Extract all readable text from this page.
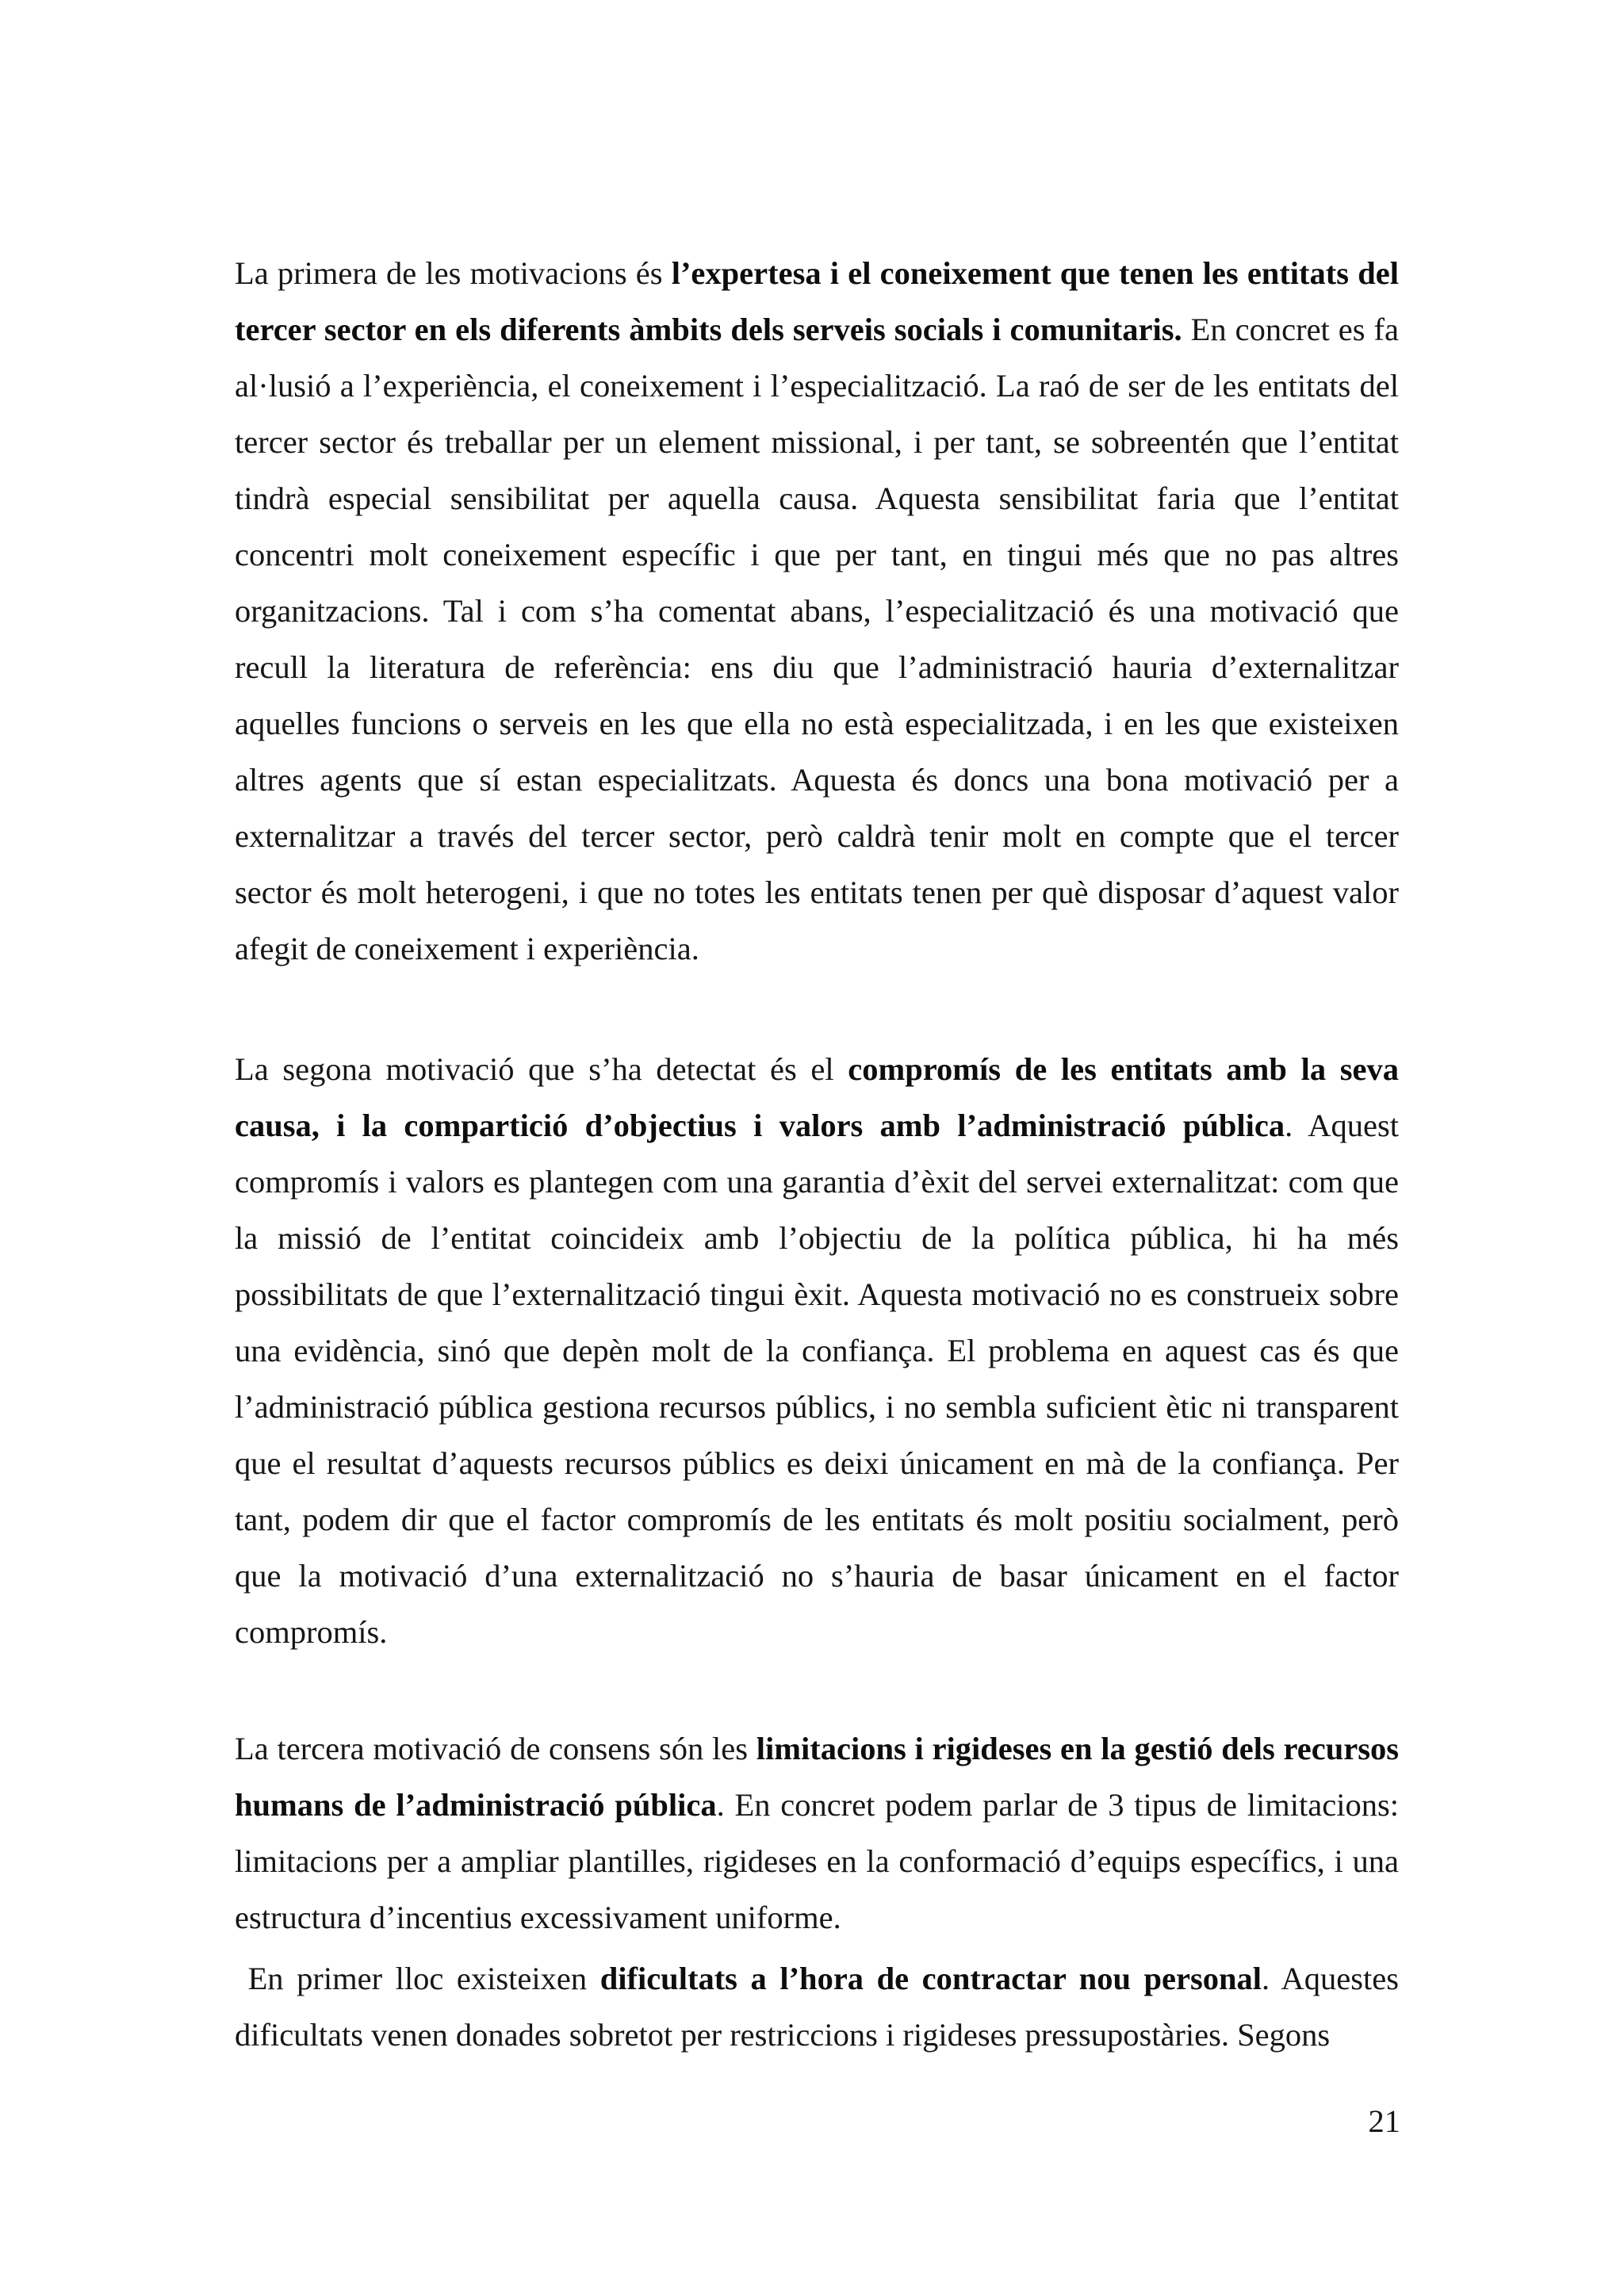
La primera de les motivacions és l’expertesa i el coneixement que tenen les entitats del tercer sector en els diferents àmbits dels serveis socials i comunitaris. En concret es fa al·lusió a l’experiència, el coneixement i l’especialització. La raó de ser de les entitats del tercer sector és treballar per un element missional, i per tant, se sobreentén que l’entitat tindrà especial sensibilitat per aquella causa. Aquesta sensibilitat faria que l’entitat concentri molt coneixement específic i que per tant, en tingui més que no pas altres organitzacions. Tal i com s’ha comentat abans, l’especialització és una motivació que recull la literatura de referència: ens diu que l’administració hauria d’externalitzar aquelles funcions o serveis en les que ella no està especialitzada, i en les que existeixen altres agents que sí estan especialitzats. Aquesta és doncs una bona motivació per a externalitzar a través del tercer sector, però caldrà tenir molt en compte que el tercer sector és molt heterogeni, i que no totes les entitats tenen per què disposar d’aquest valor afegit de coneixement i experiència.

La segona motivació que s’ha detectat és el compromís de les entitats amb la seva causa, i la compartició d’objectius i valors amb l’administració pública. Aquest compromís i valors es plantegen com una garantia d’èxit del servei externalitzat: com que la missió de l’entitat coincideix amb l’objectiu de la política pública, hi ha més possibilitats de que l’externalització tingui èxit. Aquesta motivació no es construeix sobre una evidència, sinó que depèn molt de la confiança. El problema en aquest cas és que l’administració pública gestiona recursos públics, i no sembla suficient ètic ni transparent que el resultat d’aquests recursos públics es deixi únicament en mà de la confiança. Per tant, podem dir que el factor compromís de les entitats és molt positiu socialment, però que la motivació d’una externalització no s’hauria de basar únicament en el factor compromís.

La tercera motivació de consens són les limitacions i rigideses en la gestió dels recursos humans de l’administració pública. En concret podem parlar de 3 tipus de limitacions: limitacions per a ampliar plantilles, rigideses en la conformació d’equips específics, i una estructura d’incentius excessivament uniforme.

En primer lloc existeixen dificultats a l’hora de contractar nou personal. Aquestes dificultats venen donades sobretot per restriccions i rigideses pressupostàries. Segons

21
